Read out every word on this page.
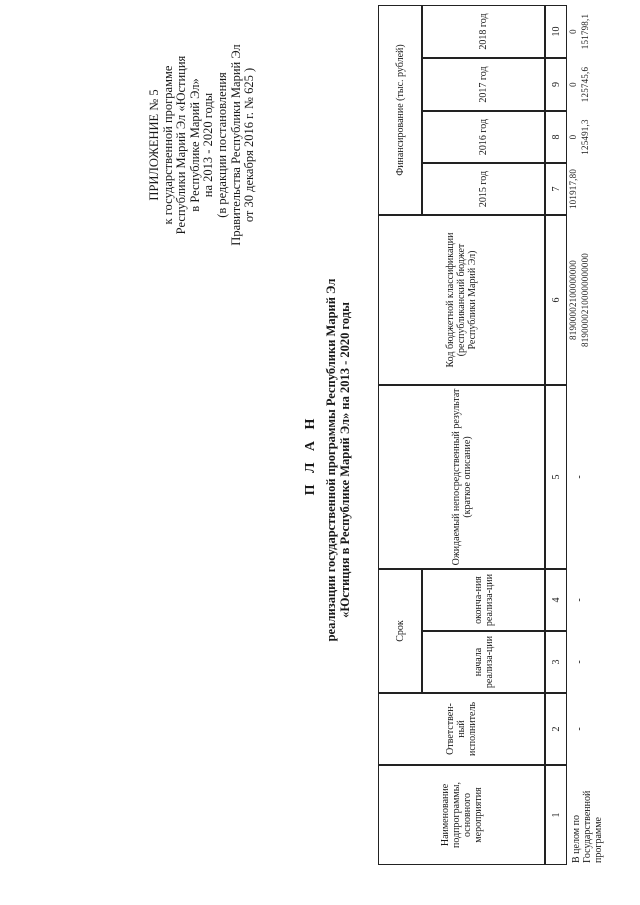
ПРИЛОЖЕНИЕ № 5 к государственной программе Республики Марий Эл «Юстиция в Республике Марий Эл» на 2013 - 2020 годы (в редакции постановления Правительства Республики Марий Эл от 30 декабря 2016 г. № 625 )
П Л А Н реализации государственной программы Республики Марий Эл «Юстиция в Республике Марий Эл» на 2013 - 2020 годы
Наименование подпрограммы, основного мероприятия
Ответствен-ный исполнитель
Срок
начала реализа-ции
оконча-ния реализа-ции
Ожидаемый непосредственный результат (краткое описание)
Код бюджетной классификации (республиканский бюджет Республики Марий Эл)
Финансирование (тыс. рублей)
2015 год
2016 год
2017 год
2018 год
1
2
3
4
5
6
7
8
9
10
В целом по Государственной программе
-
-
-
-
81900002100000000 81900002100000000000
101917,80
0 125491,3
0 125745,6
0 151798,1
